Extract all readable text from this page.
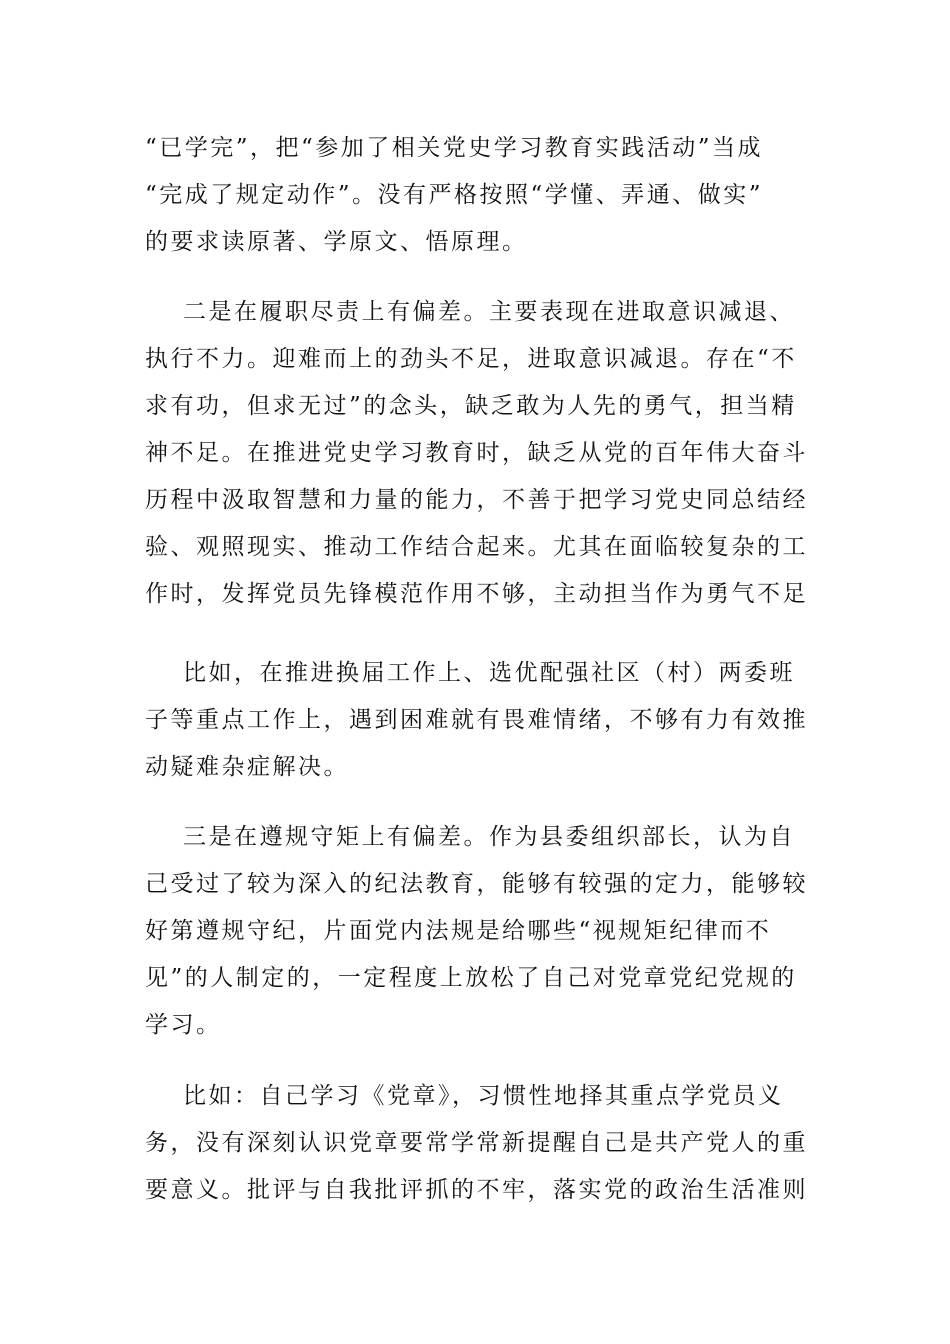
“已学完”，把“参加了相关党史学习教育实践活动”当成
“完成了规定动作”。没有严格按照“学懂、弄通、做实”
的要求读原著、学原文、悟原理。
二是在履职尽责上有偏差。主要表现在进取意识减退、
执行不力。迎难而上的劲头不足，进取意识减退。存在“不
求有功，但求无过”的念头，缺乏敢为人先的勇气，担当精
神不足。在推进党史学习教育时，缺乏从党的百年伟大奋斗
历程中汲取智慧和力量的能力，不善于把学习党史同总结经
验、观照现实、推动工作结合起来。尤其在面临较复杂的工
作时，发挥党员先锋模范作用不够，主动担当作为勇气不足
比如，在推进换届工作上、选优配强社区（村）两委班
子等重点工作上，遇到困难就有畏难情绪，不够有力有效推
动疑难杂症解决。
三是在遵规守矩上有偏差。作为县委组织部长，认为自
己受过了较为深入的纪法教育，能够有较强的定力，能够较
好第遵规守纪，片面党内法规是给哪些“视规矩纪律而不
见”的人制定的，一定程度上放松了自己对党章党纪党规的
学习。
比如：自己学习《党章》，习惯性地择其重点学党员义
务，没有深刻认识党章要常学常新提醒自己是共产党人的重
要意义。批评与自我批评抓的不牢，落实党的政治生活准则
